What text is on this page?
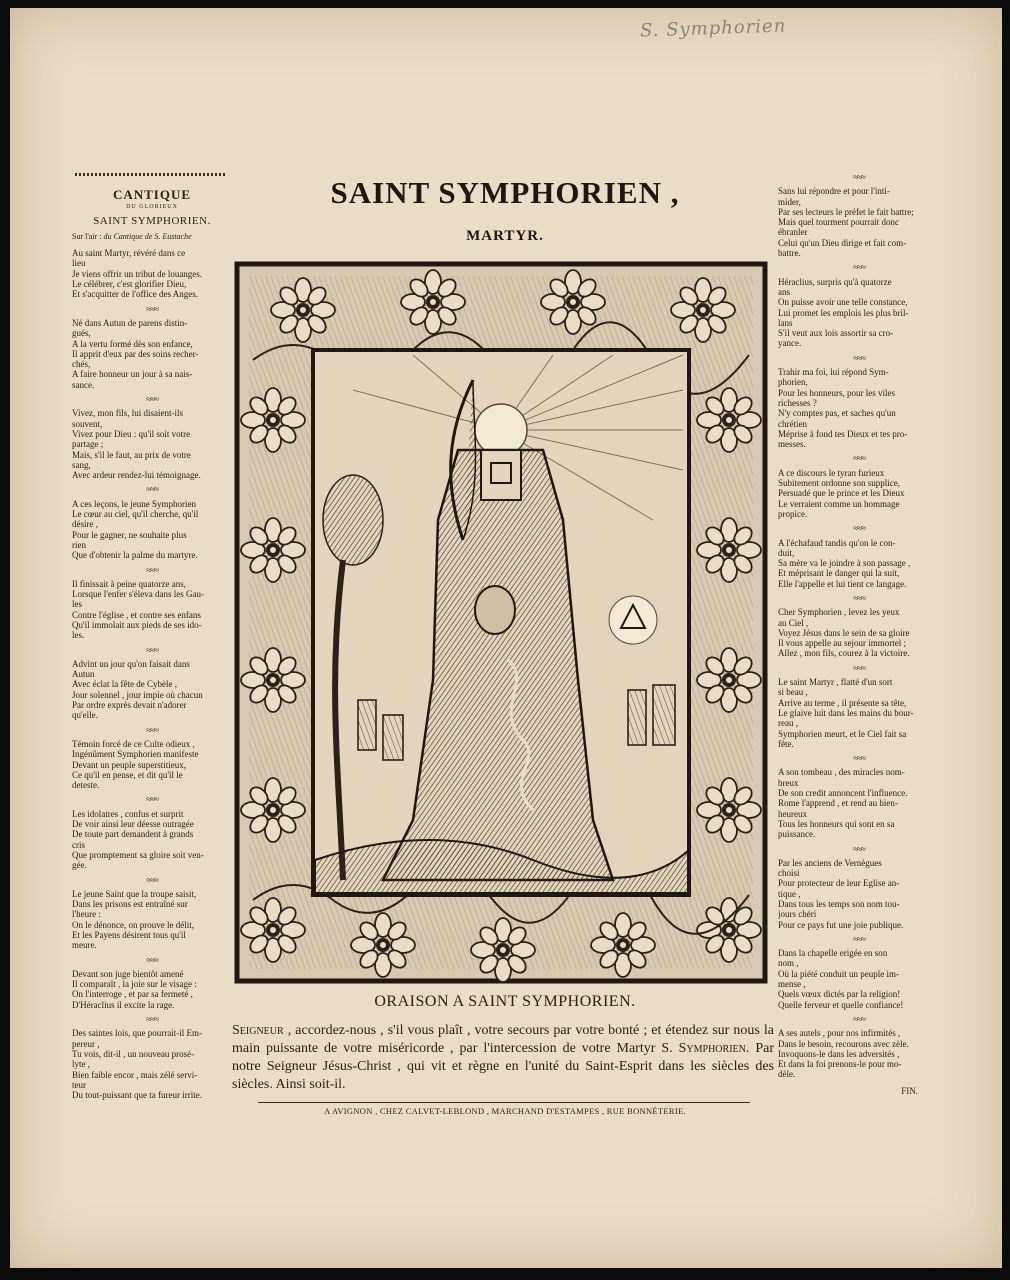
S. Symphorien
CANTIQUE
DU GLORIEUX
SAINT SYMPHORIEN.
Sur l'air : du Cantique de S. Eustache
Au saint Martyr, révéré dans ce
lieu
Je viens offrir un tribut de louanges.
Le célébrer, c'est glorifier Dieu,
Et s'acquitter de l'office des Anges.
≈≈≈
Né dans Autun de parens distin-
gués,
A la vertu formé dès son enfance,
Il apprit d'eux par des soins recher-
chés,
A faire honneur un jour à sa nais-
sance.
≈≈≈
Vivez, mon fils, lui disaient-ils
souvent,
Vivez pour Dieu : qu'il soit votre
partage ;
Mais, s'il le faut, au prix de votre
sang,
Avec ardeur rendez-lui témoignage.
≈≈≈
A ces leçons, le jeune Symphorien
Le cœur au ciel, qu'il cherche, qu'il
désire ,
Pour le gagner, ne souhaite plus
rien
Que d'obtenir la palme du martyre.
≈≈≈
Il finissait à peine quatorze ans,
Lorsque l'enfer s'éleva dans les Gau-
les
Contre l'église , et contre ses enfans
Qu'il immolait aux pieds de ses ido-
les.
≈≈≈
Advint un jour qu'on faisait dans
Autun
Avec éclat la fête de Cybèle ,
Jour solennel , jour impie où chacun
Par ordre exprès devait n'adorer
qu'elle.
≈≈≈
Témoin forcé de ce Culte odieux ,
Ingénûment Symphorien manifeste
Devant un peuple superstitieux,
Ce qu'il en pense, et dit qu'il le
deteste.
≈≈≈
Les idolatres , confus et surprit
De voir ainsi leur déesse outragée
De toute part demandent à grands
cris
Que promptement sa gloire soit ven-
gée.
≈≈≈
Le jeune Saint que la troupe saisit,
Dans les prisons est entraîné sur
l'heure :
On le dénonce, on prouve le délit,
Et les Payens désirent tous qu'il
meure.
≈≈≈
Devant son juge bientôt amené
Il comparaît , la joie sur le visage :
On l'interroge , et par sa fermeté ,
D'Héraclius il excite la rage.
≈≈≈
Des saintes lois, que pourrait-il Em-
pereur ,
Tu vois, dit-il , un nouveau prosé-
lyte ,
Bien faible encor , mais zélé servi-
teur
Du tout-puissant que ta fureur irrite.
≈≈≈
Sans lui répondre et pour l'inti-
mider,
Par ses lecteurs le préfet le fait battre;
Mais quel tourment pourrait donc
ébranler
Celui qu'un Dieu dirige et fait com-
battre.
≈≈≈
Héraclius, surpris qu'à quatorze
ans
On puisse avoir une telle constance,
Lui promet les emplois les plus bril-
lans
S'il veut aux lois assortir sa cro-
yance.
≈≈≈
Trahir ma foi, lui répond Sym-
phorien,
Pour les honneurs, pour les viles
richesses ?
N'y comptes pas, et saches qu'un
chrétien
Méprise à fond tes Dieux et tes pro-
messes.
≈≈≈
A ce discours le tyran furieux
Subitement ordonne son supplice,
Persuadé que le prince et les Dieux
Le verraient comme un hommage
propice.
≈≈≈
A l'échafaud tandis qu'on le con-
duit,
Sa mère va le joindre à son passage ,
Et méprisant le danger qui la suit,
Elle l'appelle et lui tient ce langage.
≈≈≈
Cher Symphorien , levez les yeux
au Ciel ,
Voyez Jésus dans le sein de sa gloire
Il vous appelle au sejour immortel ;
Allez , mon fils, courez à la victoire.
≈≈≈
Le saint Martyr , flatté d'un sort
si beau ,
Arrive au terme , il présente sa tête,
Le glaive luit dans les mains du bour-
reau ,
Symphorien meurt, et le Ciel fait sa
fête.
≈≈≈
A son tombeau , des miracles nom-
breux
De son credit annoncent l'influence.
Rome l'apprend , et rend au bien-
heureux
Tous les honneurs qui sont en sa
puissance.
≈≈≈
Par les anciens de Vernègues
choisi
Pour protecteur de leur Eglise an-
tique ,
Dans tous les temps son nom tou-
jours chéri
Pour ce pays fut une joie publique.
≈≈≈
Dans la chapelle erigée en son
nom ,
Où la piété conduit un peuple im-
mense ,
Quels vœux dictés par la religion!
Quelle ferveur et quelle confiance!
≈≈≈
A ses autels , pour nos infirmités ,
Dans le besoin, recourons avec zèle.
Invoquons-le dans les adversités ,
Et dans la foi prenons-le pour mo-
dèle.
FIN.
SAINT SYMPHORIEN ,
MARTYR.
ORAISON A SAINT SYMPHORIEN.
Seigneur , accordez-nous , s'il vous plaît , votre secours par votre bonté ; et étendez sur nous la main puissante de votre miséricorde , par l'intercession de votre Martyr S. Symphorien. Par notre Seigneur Jésus-Christ , qui vit et règne en l'unité du Saint-Esprit dans les siècles des siècles. Ainsi soit-il.
A AVIGNON , CHEZ CALVET-LEBLOND , MARCHAND D'ESTAMPES , RUE BONNÉTERIE.
